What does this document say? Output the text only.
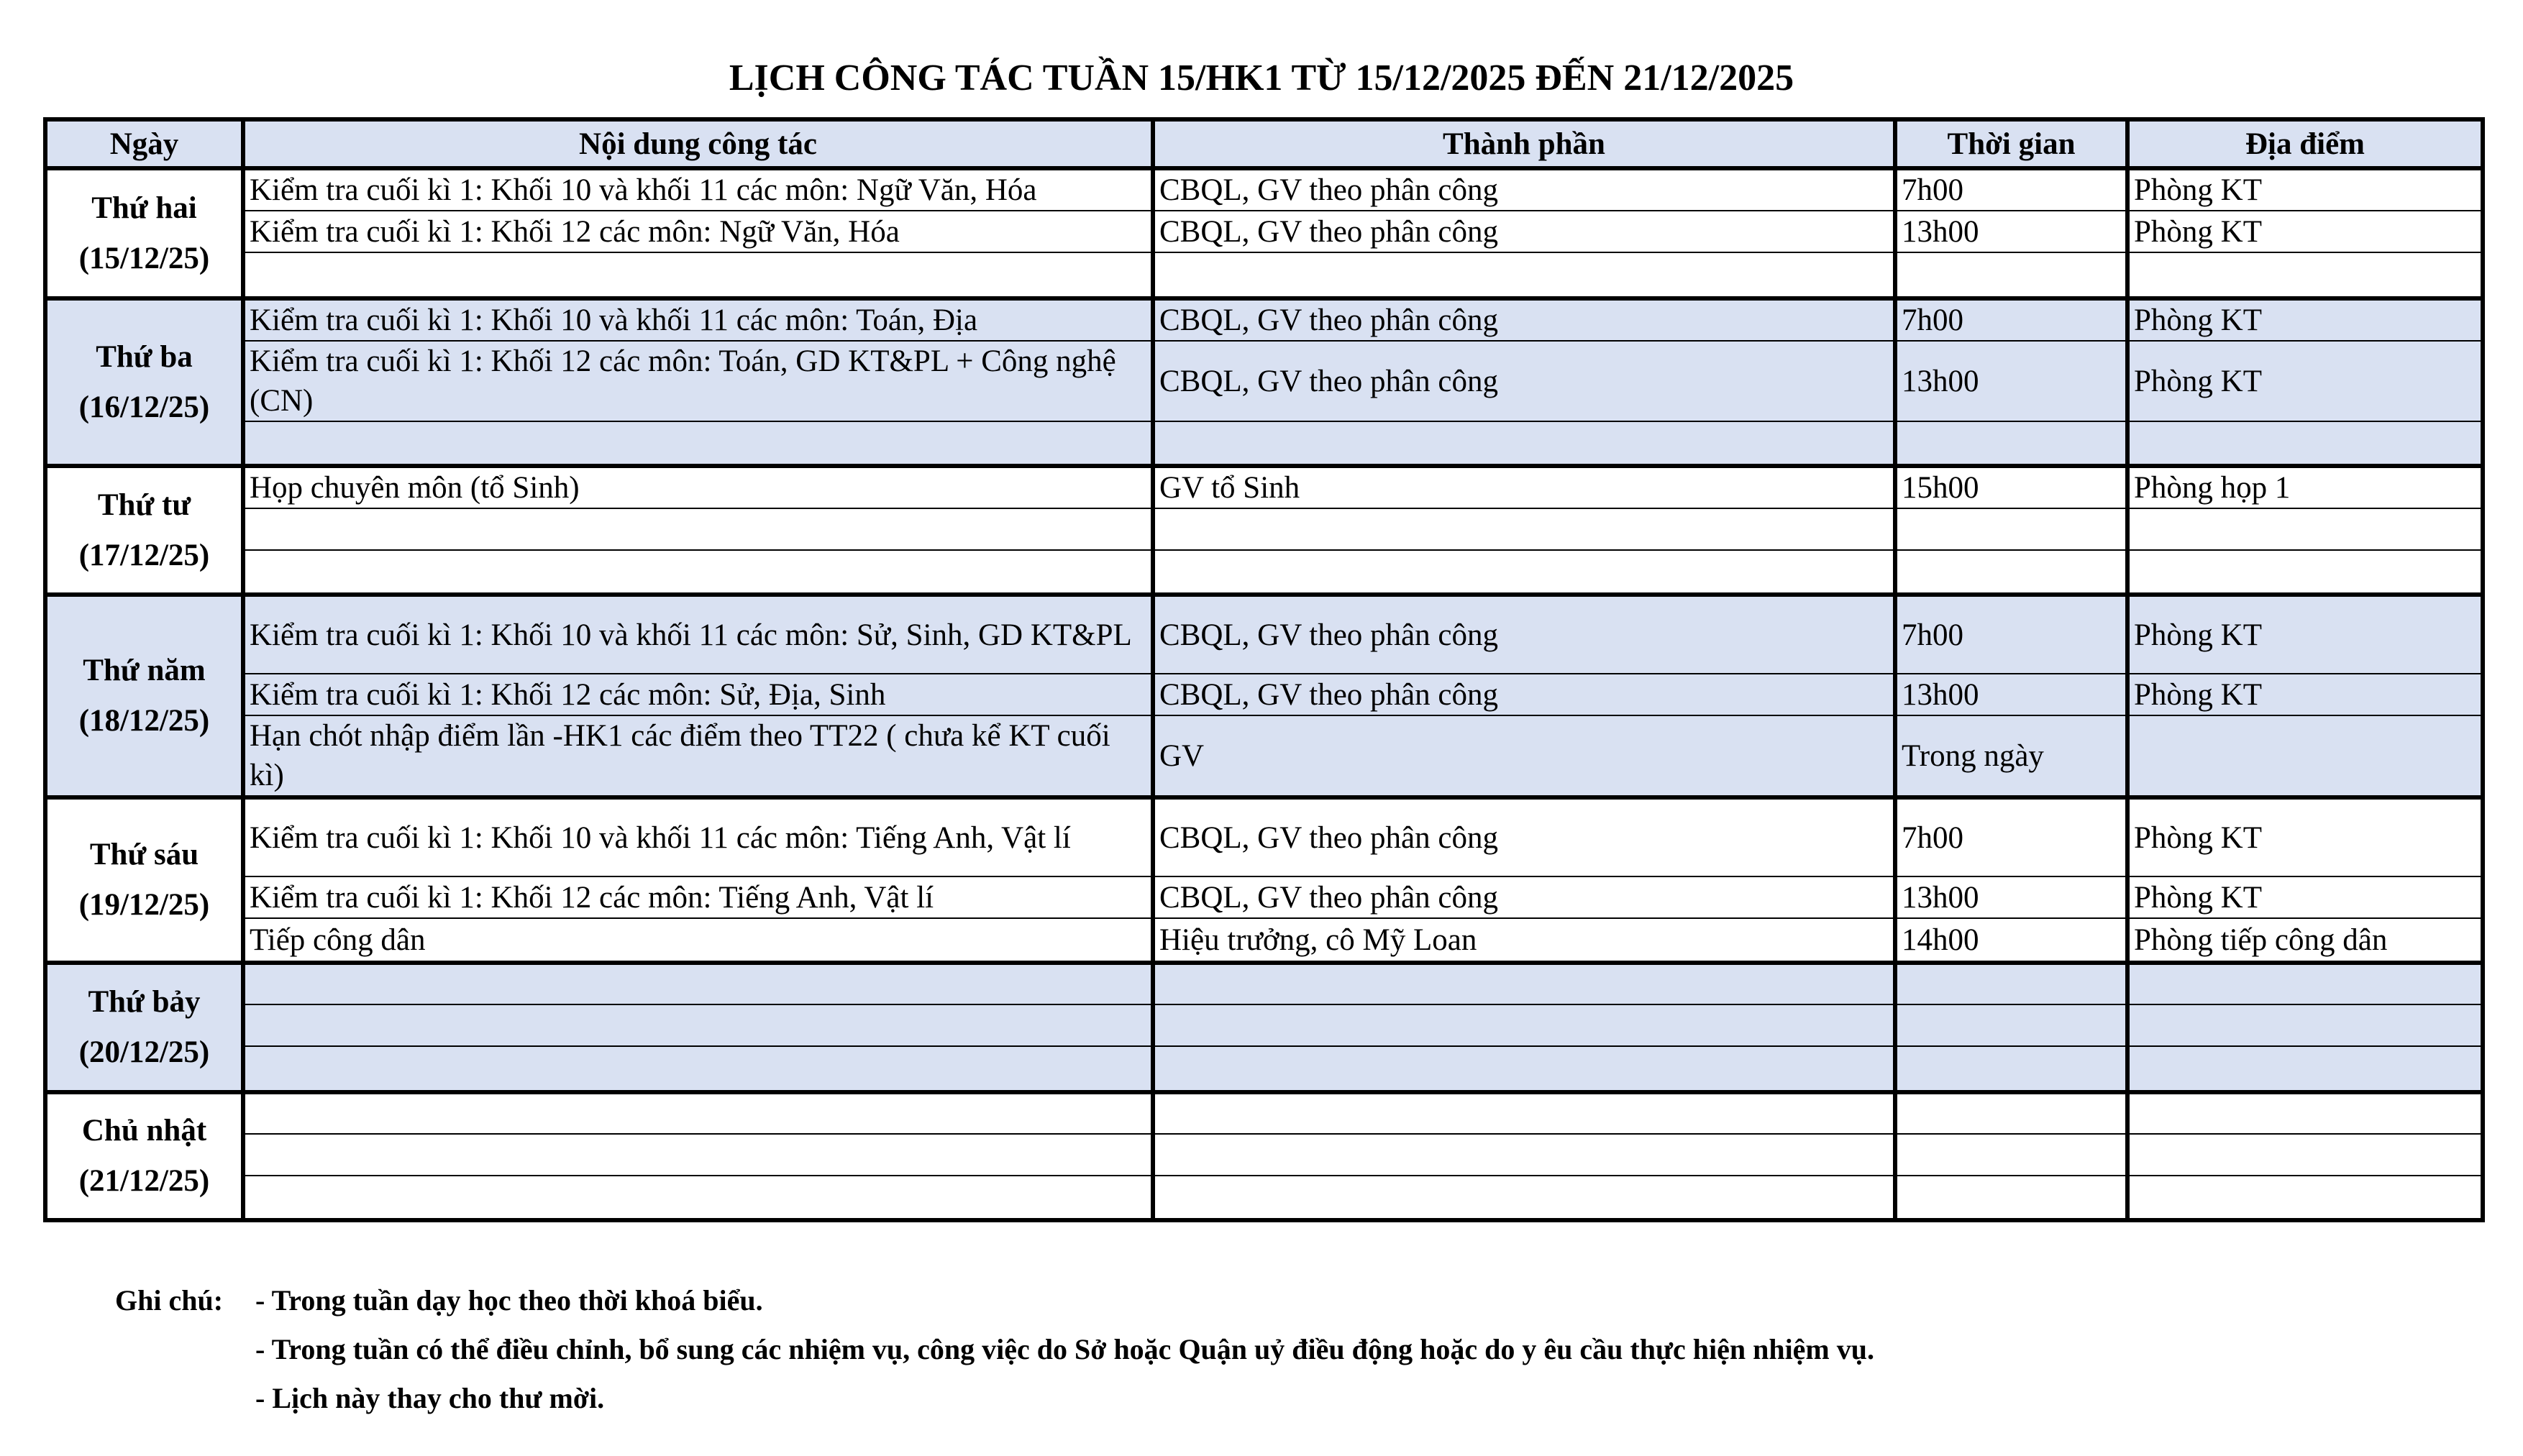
LỊCH CÔNG TÁC TUẦN 15/HK1 TỪ 15/12/2025 ĐẾN 21/12/2025
Ngày	Nội dung công tác	Thành phần	Thời gian	Địa điểm

Thứ hai
(15/12/25)	Kiểm tra cuối kì 1: Khối 10 và khối 11 các môn: Ngữ Văn, Hóa	CBQL, GV theo phân công	7h00	Phòng KT
	Kiểm tra cuối kì 1: Khối 12 các môn: Ngữ Văn, Hóa	CBQL, GV theo phân công	13h00	Phòng KT

Thứ ba
(16/12/25)	Kiểm tra cuối kì 1: Khối 10 và khối 11 các môn: Toán, Địa	CBQL, GV theo phân công	7h00	Phòng KT
	Kiểm tra cuối kì 1: Khối 12 các môn: Toán, GD KT&PL + Công nghệ (CN)	CBQL, GV theo phân công	13h00	Phòng KT

Thứ tư
(17/12/25)	Họp chuyên môn (tổ Sinh)	GV tổ Sinh	15h00	Phòng họp 1

Thứ năm
(18/12/25)	Kiểm tra cuối kì 1: Khối 10 và khối 11 các môn: Sử, Sinh, GD KT&PL	CBQL, GV theo phân công	7h00	Phòng KT
	Kiểm tra cuối kì 1: Khối 12 các môn: Sử, Địa, Sinh	CBQL, GV theo phân công	13h00	Phòng KT
	Hạn chót nhập điểm lần -HK1 các điểm theo TT22 ( chưa kể KT cuối kì)	GV	Trong ngày	

Thứ sáu
(19/12/25)	Kiểm tra cuối kì 1: Khối 10 và khối 11 các môn: Tiếng Anh, Vật lí	CBQL, GV theo phân công	7h00	Phòng KT
	Kiểm tra cuối kì 1: Khối 12 các môn: Tiếng Anh, Vật lí	CBQL, GV theo phân công	13h00	Phòng KT
	Tiếp công dân	Hiệu trưởng, cô Mỹ Loan	14h00	Phòng tiếp công dân

Thứ bảy
(20/12/25)				

Chủ nhật
(21/12/25)				

Ghi chú:	- Trong tuần dạy học theo thời khoá biểu.
- Trong tuần có thể điều chỉnh, bổ sung các nhiệm vụ, công việc do Sở hoặc Quận uỷ điều động hoặc do y êu cầu thực hiện nhiệm vụ.
- Lịch này thay cho thư mời.
